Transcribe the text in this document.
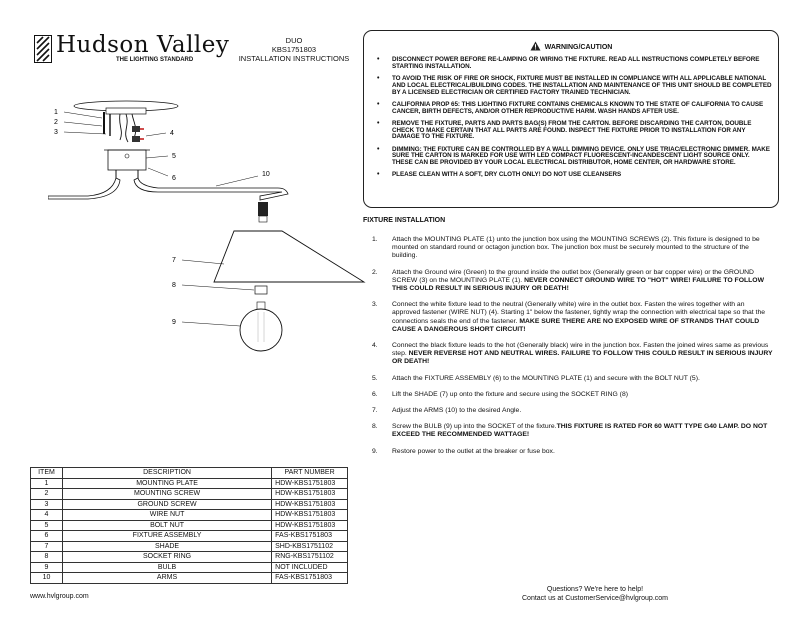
Hudson Valley
THE LIGHTING STANDARD
DUO
KBS1751803
INSTALLATION INSTRUCTIONS
1
2
3	4
5
6
10
7
8
9
WARNING/CAUTION
• DISCONNECT POWER BEFORE RE-LAMPING OR WIRING THE FIXTURE. READ ALL INSTRUCTIONS COMPLETELY BEFORE STARTING INSTALLATION.
• TO AVOID THE RISK OF FIRE OR SHOCK, FIXTURE MUST BE INSTALLED IN COMPLIANCE WITH ALL APPLICABLE NATIONAL AND LOCAL ELECTRICAL/BUILDING CODES. THE INSTALLATION AND MAINTENANCE OF THIS UNIT SHOULD BE COMPLETED BY A LICENSED ELECTRICIAN OR CERTIFIED FACTORY TRAINED TECHNICIAN.
• CALIFORNIA PROP 65: THIS LIGHTING FIXTURE CONTAINS CHEMICALS KNOWN TO THE STATE OF CALIFORNIA TO CAUSE CANCER, BIRTH DEFECTS, AND/OR OTHER REPRODUCTIVE HARM. WASH HANDS AFTER USE.
• REMOVE THE FIXTURE, PARTS AND PARTS BAG(S) FROM THE CARTON. BEFORE DISCARDING THE CARTON, DOUBLE CHECK TO MAKE CERTAIN THAT ALL PARTS ARE FOUND. INSPECT THE FIXTURE PRIOR TO INSTALLATION FOR ANY DAMAGE TO THE FIXTURE.
• DIMMING: THE FIXTURE CAN BE CONTROLLED BY A WALL DIMMING DEVICE. ONLY USE TRIAC/ELECTRONIC DIMMER. MAKE SURE THE CARTON IS MARKED FOR USE WITH LED COMPACT FLUORESCENT-INCANDESCENT LIGHT SOURCE ONLY. THESE CAN BE PROVIDED BY YOUR LOCAL ELECTRICAL DISTRIBUTOR, HOME CENTER, OR HARDWARE STORE.
• PLEASE CLEAN WITH A SOFT, DRY CLOTH ONLY! DO NOT USE CLEANSERS
FIXTURE INSTALLATION
1. Attach the MOUNTING PLATE (1) unto the junction box using the MOUNTING SCREWS (2). This fixture is designed to be mounted on standard round or octagon junction box. The junction box must be securely mounted to the structure of the building.
2. Attach the Ground wire (Green) to the ground inside the outlet box (Generally green or bar copper wire) or the GROUND SCREW (3) on the MOUNTING PLATE (1). NEVER CONNECT GROUND WIRE TO "HOT" WIRE! FAILURE TO FOLLOW THIS COULD RESULT IN SERIOUS INJURY OR DEATH!
3. Connect the white fixture lead to the neutral (Generally white) wire in the outlet box. Fasten the wires together with an approved fastener (WIRE NUT) (4). Starting 1" below the fastener, tightly wrap the connection with electrical tape so that the connections seals the end of the fastener. MAKE SURE THERE ARE NO EXPOSED WIRE OF STRANDS THAT COULD CAUSE A DANGEROUS SHORT CIRCUIT!
4. Connect the black fixture leads to the hot (Generally black) wire in the junction box. Fasten the joined wires same as previous step. NEVER REVERSE HOT AND NEUTRAL WIRES. FAILURE TO FOLLOW THIS COULD RESULT IN SERIOUS INJURY OR DEATH!
5. Attach the FIXTURE ASSEMBLY (6) to the MOUNTING PLATE (1) and secure with the BOLT NUT (5).
6. Lift the SHADE (7) up onto the fixture and secure using the SOCKET RING (8)
7. Adjust the ARMS (10) to the desired Angle.
8. Screw the BULB (9) up into the SOCKET of the fixture.THIS FIXTURE IS RATED FOR 60 WATT TYPE G40 LAMP. DO NOT EXCEED THE RECOMMENDED WATTAGE!
9. Restore power to the outlet at the breaker or fuse box.
ITEM	DESCRIPTION	PART NUMBER
1	MOUNTING PLATE	HDW-KBS1751803
2	MOUNTING SCREW	HDW-KBS1751803
3	GROUND SCREW	HDW-KBS1751803
4	WIRE NUT	HDW-KBS1751803
5	BOLT NUT	HDW-KBS1751803
6	FIXTURE ASSEMBLY	FAS-KBS1751803
7	SHADE	SHD-KBS1751102
8	SOCKET RING	RNG-KBS1751102
9	BULB	NOT INCLUDED
10	ARMS	FAS-KBS1751803
www.hvlgroup.com
Questions? We're here to help!
Contact us at CustomerService@hvlgroup.com
